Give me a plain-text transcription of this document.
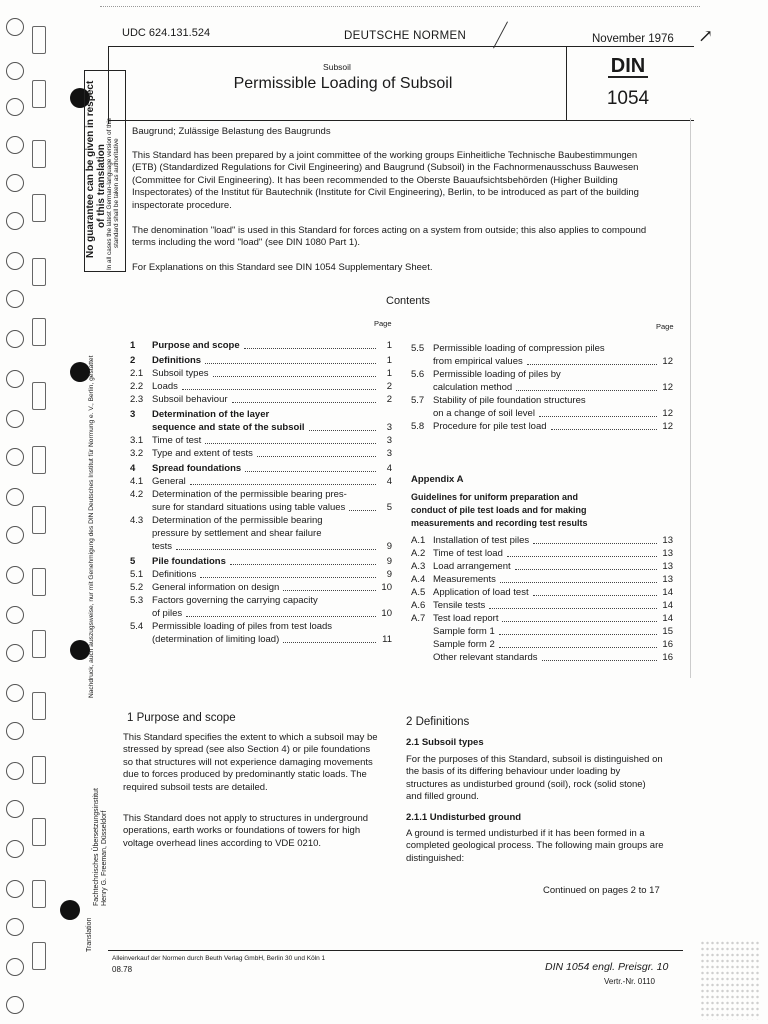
UDC 624.131.524	DEUTSCHE NORMEN	November 1976 ↗
Subsoil
Permissible Loading of Subsoil
DIN
1054
No guarantee can be given in respect of this translation In all cases the latest German-language version of this standard shall be taken as authoritative
Nachdruck, auch auszugsweise, nur mit Genehmigung des DIN Deutsches Institut für Normung e. V., Berlin, gestattet
Translation
Fachtechnisches Übersetzungsinstitut Henry G. Freeman, Düsseldorf
Baugrund; Zulässige Belastung des Baugrunds

This Standard has been prepared by a joint committee of the working groups Einheitliche Technische Baubestimmungen (ETB) (Standardized Regulations for Civil Engineering) and Baugrund (Subsoil) in the Fachnormenausschuss Bauwesen (Committee for Civil Engineering). It has been recommended to the Oberste Bauaufsichtsbehörden (Higher Building Inspectorates) of the Institut für Bautechnik (Institute for Civil Engineering), Berlin, to be introduced as part of the building inspectorate procedure.

The denomination "load" is used in this Standard for forces acting on a system from outside; this also applies to compound terms including the word "load" (see DIN 1080 Part 1).

For Explanations on this Standard see DIN 1054 Supplementary Sheet.

Contents
Page	Page
1	Purpose and scope	1
2	Definitions	1
2.1 Subsoil types	1
2.2 Loads	2
2.3 Subsoil behaviour	2
3	Determination of the layer
sequence and state of the subsoil	3
3.1 Time of test	3
3.2 Type and extent of tests	3
4	Spread foundations	4
4.1 General	4
4.2 Determination of the permissible bearing pres-
sure for standard situations using table values	5
4.3 Determination of the permissible bearing
pressure by settlement and shear failure
tests	9
5	Pile foundations	9
5.1 Definitions	9
5.2 General information on design	10
5.3 Factors governing the carrying capacity
of piles	10
5.4 Permissible loading of piles from test loads
(determination of limiting load)	11
5.5 Permissible loading of compression piles
from empirical values	12
5.6 Permissible loading of piles by
calculation method	12
5.7 Stability of pile foundation structures
on a change of soil level	12
5.8 Procedure for pile test load	12
Appendix A
Guidelines for uniform preparation and
conduct of pile test loads and for making
measurements and recording test results
A.1 Installation of test piles	13
A.2 Time of test load	13
A.3 Load arrangement	13
A.4 Measurements	13
A.5 Application of load test	14
A.6 Tensile tests	14
A.7 Test load report	14
Sample form 1	15
Sample form 2	16
Other relevant standards	16
1 Purpose and scope

This Standard specifies the extent to which a subsoil may be stressed by spread (see also Section 4) or pile foundations so that structures will not experience damaging movements due to forces produced by predominantly static loads. The required subsoil tests are detailed.

This Standard does not apply to structures in underground operations, earth works or foundations of towers for high voltage overhead lines according to VDE 0210.

2 Definitions
2.1 Subsoil types

For the purposes of this Standard, subsoil is distinguished on the basis of its differing behaviour under loading by structures as undisturbed ground (soil), rock (solid stone) and filled ground.

2.1.1 Undisturbed ground

A ground is termed undisturbed if it has been formed in a completed geological process. The following main groups are distinguished:

Continued on pages 2 to 17
Alleinverkauf der Normen durch Beuth Verlag GmbH, Berlin 30 und Köln 1
08.78	DIN 1054 engl. Preisgr. 10
Vertr.-Nr. 0110
